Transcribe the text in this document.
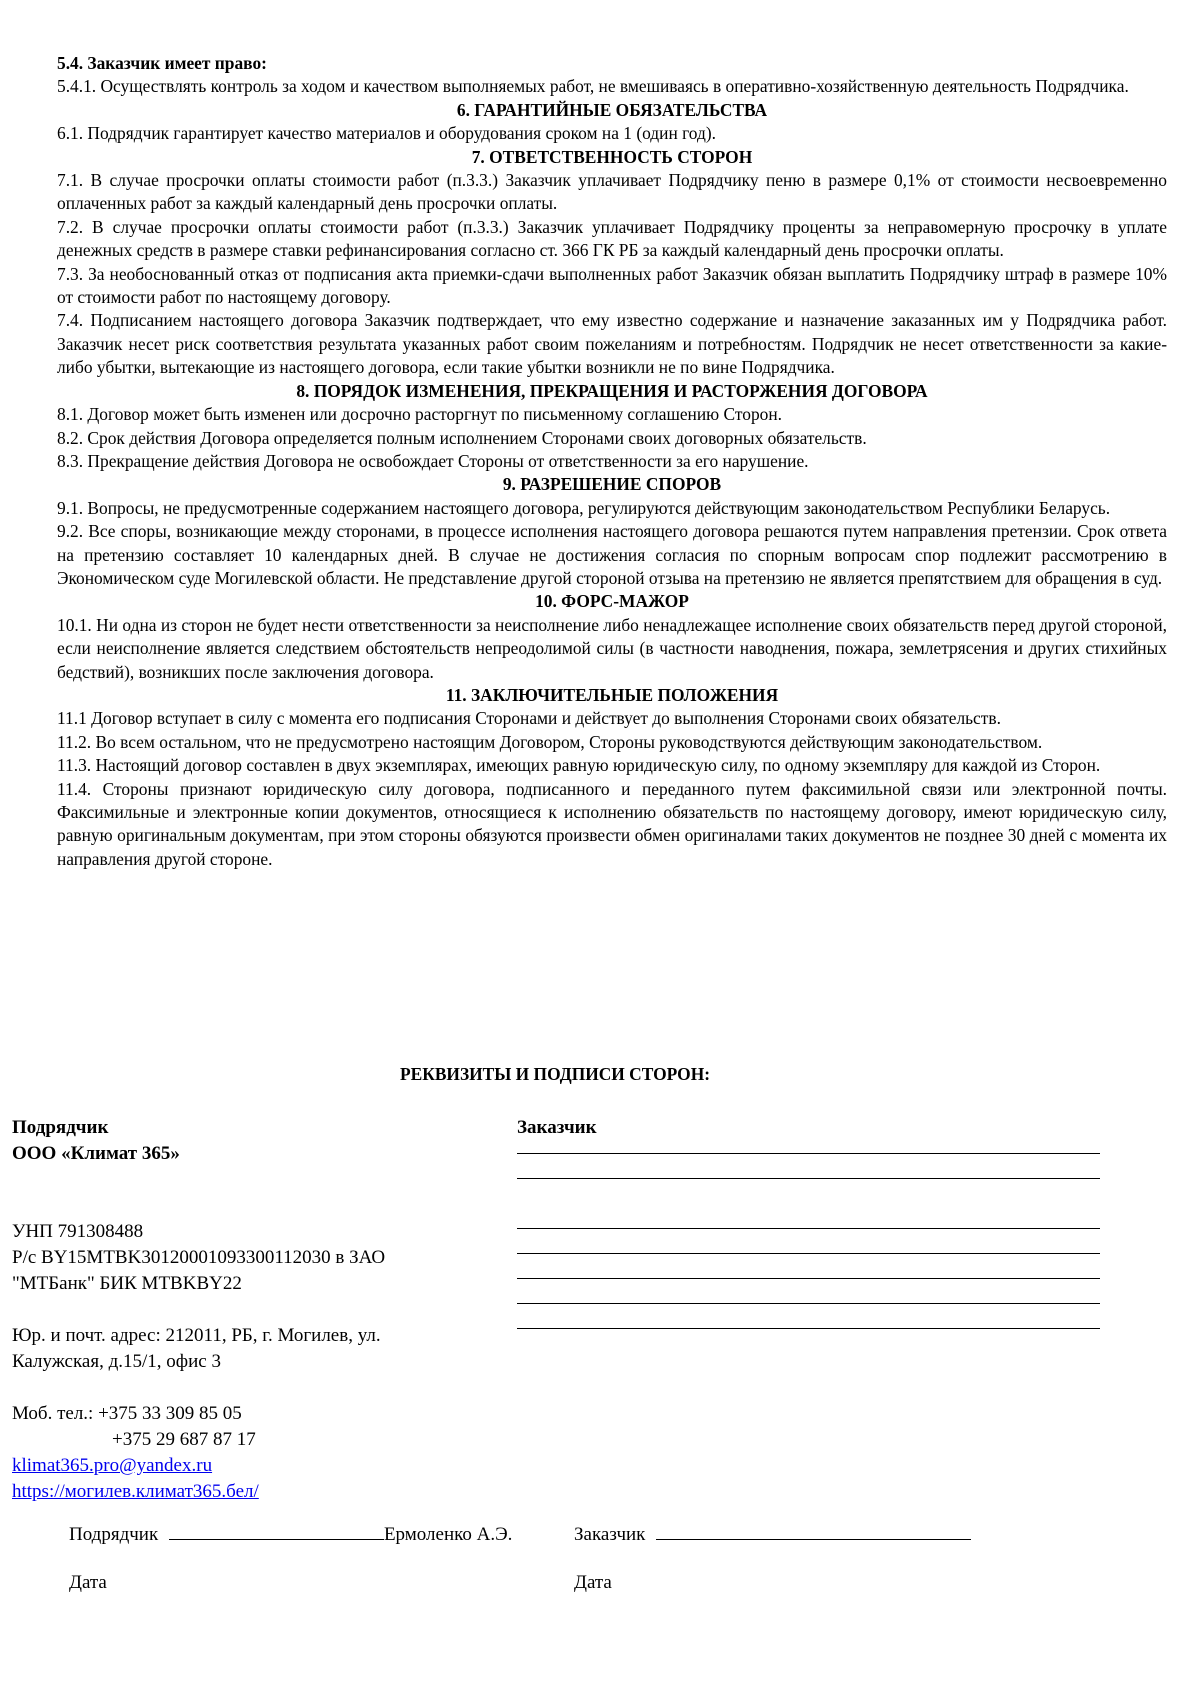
5.4. Заказчик имеет право:

5.4.1. Осуществлять контроль за ходом и качеством выполняемых работ, не вмешиваясь в оперативно-хозяйственную деятельность Подрядчика.

6. ГАРАНТИЙНЫЕ ОБЯЗАТЕЛЬСТВА

6.1. Подрядчик гарантирует качество материалов и оборудования сроком на 1 (один год).

7. ОТВЕТСТВЕННОСТЬ СТОРОН

7.1. В случае просрочки оплаты стоимости работ (п.3.3.) Заказчик уплачивает Подрядчику пеню в размере 0,1% от стоимости несвоевременно оплаченных работ за каждый календарный день просрочки оплаты.

7.2. В случае просрочки оплаты стоимости работ (п.3.3.) Заказчик уплачивает Подрядчику проценты за неправомерную просрочку в уплате денежных средств в размере ставки рефинансирования согласно ст. 366 ГК РБ за каждый календарный день просрочки оплаты.

7.3. За необоснованный отказ от подписания акта приемки-сдачи выполненных работ Заказчик обязан выплатить Подрядчику штраф в размере 10% от стоимости работ по настоящему договору.

7.4. Подписанием настоящего договора Заказчик подтверждает, что ему известно содержание и назначение заказанных им у Подрядчика работ. Заказчик несет риск соответствия результата указанных работ своим пожеланиям и потребностям. Подрядчик не несет ответственности за какие-либо убытки, вытекающие из настоящего договора, если такие убытки возникли не по вине Подрядчика.

8. ПОРЯДОК ИЗМЕНЕНИЯ, ПРЕКРАЩЕНИЯ И РАСТОРЖЕНИЯ ДОГОВОРА

8.1. Договор может быть изменен или досрочно расторгнут по письменному соглашению Сторон.

8.2. Срок действия Договора определяется полным исполнением Сторонами своих договорных обязательств.

8.3. Прекращение действия Договора не освобождает Стороны от ответственности за его нарушение.

9. РАЗРЕШЕНИЕ СПОРОВ

9.1. Вопросы, не предусмотренные содержанием настоящего договора, регулируются действующим законодательством Республики Беларусь.

9.2. Все споры, возникающие между сторонами, в процессе исполнения настоящего договора решаются путем направления претензии. Срок ответа на претензию составляет 10 календарных дней. В случае не достижения согласия по спорным вопросам спор подлежит рассмотрению в Экономическом суде Могилевской области. Не представление другой стороной отзыва на претензию не является препятствием для обращения в суд.

10. ФОРС-МАЖОР

10.1. Ни одна из сторон не будет нести ответственности за неисполнение либо ненадлежащее исполнение своих обязательств перед другой стороной, если неисполнение является следствием обстоятельств непреодолимой силы (в частности наводнения, пожара, землетрясения и других стихийных бедствий), возникших после заключения договора.

11. ЗАКЛЮЧИТЕЛЬНЫЕ ПОЛОЖЕНИЯ

11.1 Договор вступает в силу с момента его подписания Сторонами и действует до выполнения Сторонами своих обязательств.

11.2. Во всем остальном, что не предусмотрено настоящим Договором, Стороны руководствуются действующим законодательством.

11.3. Настоящий договор составлен в двух экземплярах, имеющих равную юридическую силу, по одному экземпляру для каждой из Сторон.

11.4. Стороны признают юридическую силу договора, подписанного и переданного путем факсимильной связи или электронной почты. Факсимильные и электронные копии документов, относящиеся к исполнению обязательств по настоящему договору, имеют юридическую силу, равную оригинальным документам, при этом стороны обязуются произвести обмен оригиналами таких документов не позднее 30 дней с момента их направления другой стороне.

РЕКВИЗИТЫ И ПОДПИСИ СТОРОН:

Подрядчик

ООО «Климат 365»

УНП 791308488

Р/с BY15MTBK30120001093300112030 в ЗАО

"МТБанк" БИК MTBKBY22

Юр. и почт. адрес: 212011, РБ, г. Могилев, ул.

Калужская, д.15/1, офис 3

Моб. тел.: +375 33 309 85 05

+375 29 687 87 17

klimat365.pro@yandex.ru

https://могилев.климат365.бел/

Заказчик

Подрядчик	Ермоленко А.Э.	Заказчик
Дата	Дата
